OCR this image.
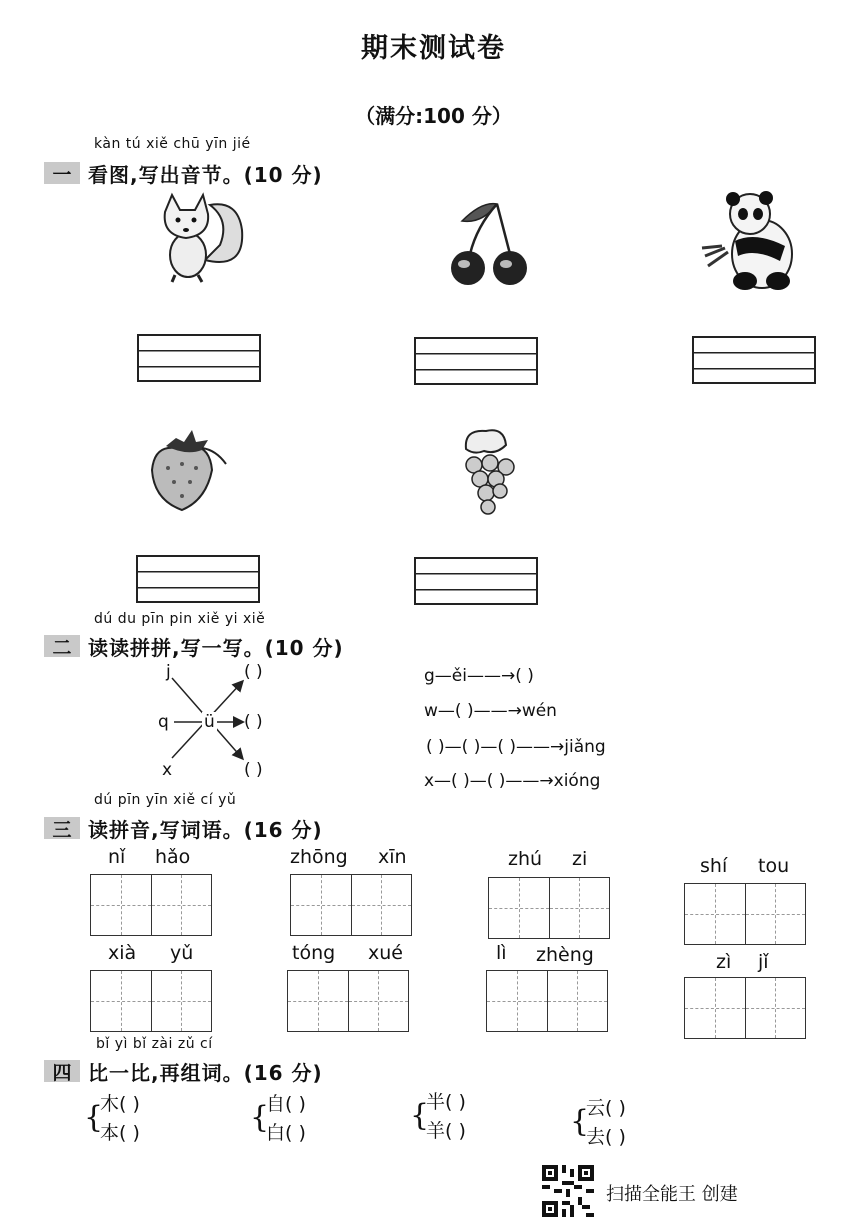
期末测试卷
（满分:100 分）
kàn tú xiě chū yīn jié
一 看图,写出音节。(10 分)
dú du pīn pin xiě yi xiě
二 读读拼拼,写一写。(10 分)
j
q ü
x
( )
( )
( )
g—ěi——→( )
w—( )——→wén
( )—( )—( )——→jiǎng
x—( )—( )——→xióng
dú pīn yīn xiě cí yǔ
三 读拼音,写词语。(16 分)
nǐ hǎo	zhōng xīn	zhú zi	shí tou
xià yǔ	tóng xué	lì zhèng	zì jǐ
bǐ yì bǐ zài zǔ cí
四 比一比,再组词。(16 分)
{
木( )
本( )	{
自( )
白( )	{
半( )
羊( )	{
云( )
去( )
扫描全能王 创建
